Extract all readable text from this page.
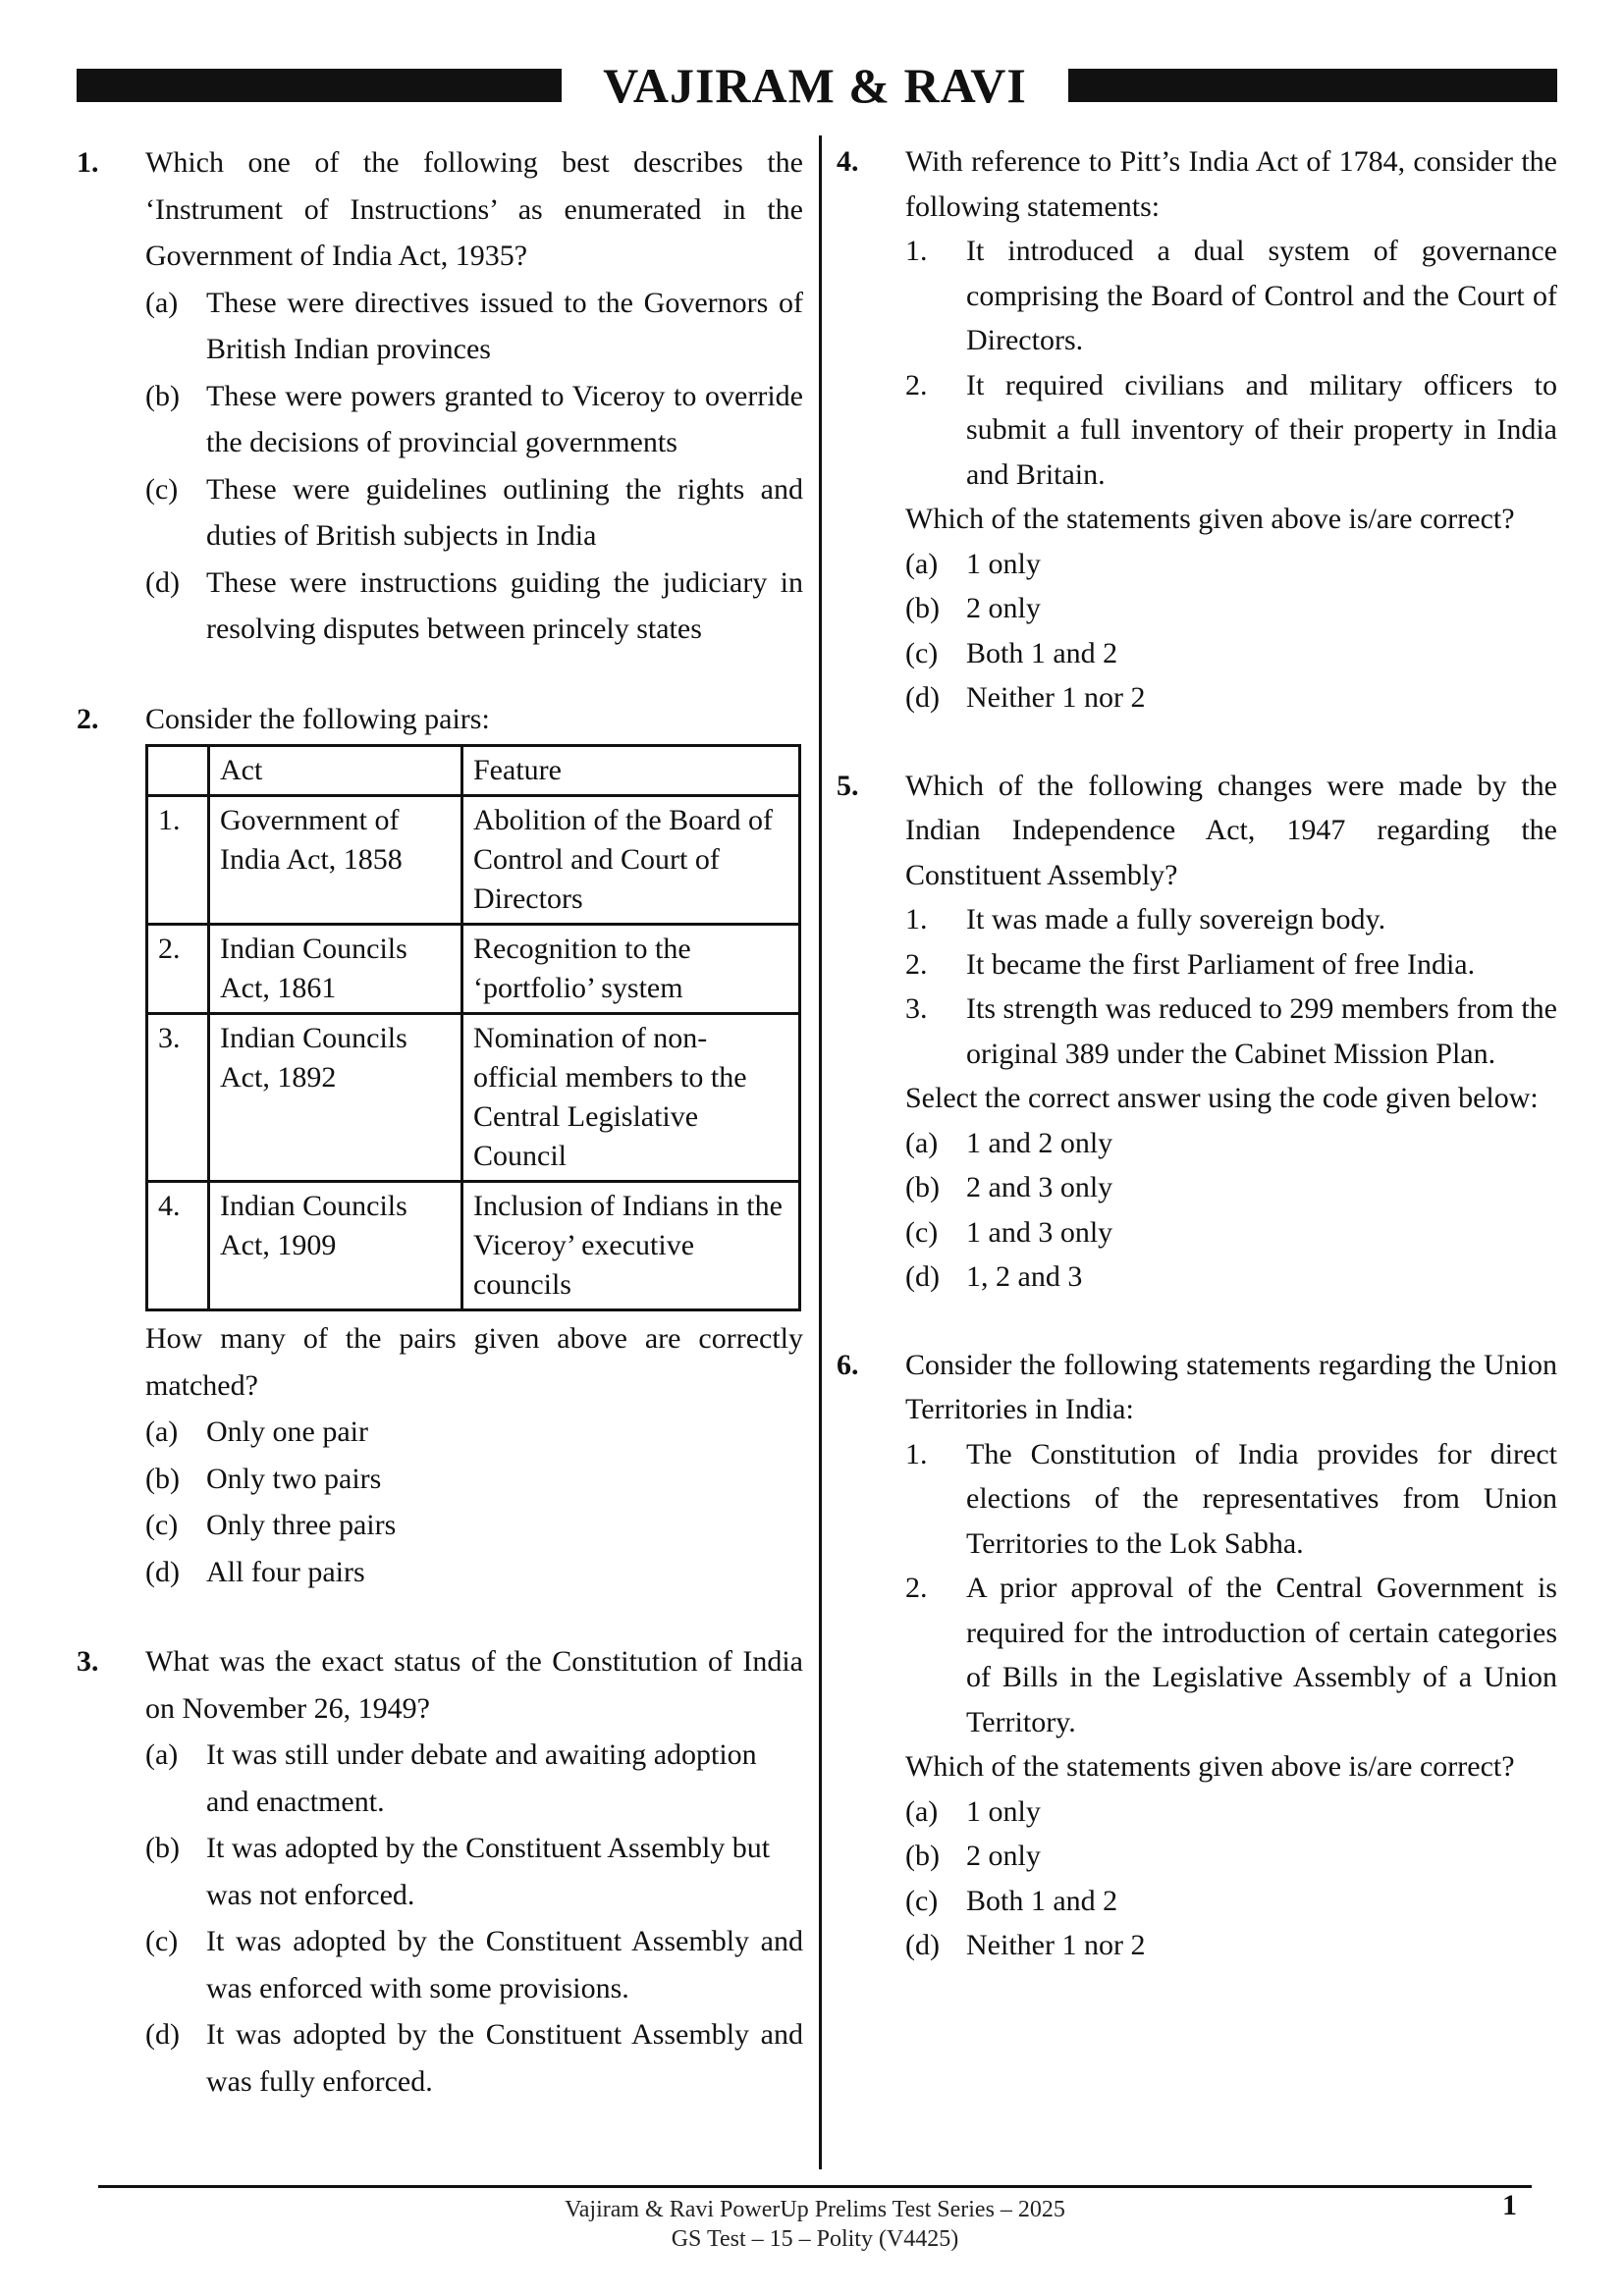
VAJIRAM & RAVI
1.	Which one of the following best describes the ‘Instrument of Instructions’ as enumerated in the Government of India Act, 1935?
(a) These were directives issued to the Governors of British Indian provinces
(b) These were powers granted to Viceroy to override the decisions of provincial governments
(c) These were guidelines outlining the rights and duties of British subjects in India
(d) These were instructions guiding the judiciary in resolving disputes between princely states
2.	Consider the following pairs:
	Act	Feature
1.	Government of India Act, 1858	Abolition of the Board of Control and Court of Directors
2.	Indian Councils Act, 1861	Recognition to the ‘portfolio’ system
3.	Indian Councils Act, 1892	Nomination of non-official members to the Central Legislative Council
4.	Indian Councils Act, 1909	Inclusion of Indians in the Viceroy’ executive councils
How many of the pairs given above are correctly matched?
(a) Only one pair
(b) Only two pairs
(c) Only three pairs
(d) All four pairs
3.	What was the exact status of the Constitution of India on November 26, 1949?
(a) It was still under debate and awaiting adoption and enactment.
(b) It was adopted by the Constituent Assembly but was not enforced.
(c) It was adopted by the Constituent Assembly and was enforced with some provisions.
(d) It was adopted by the Constituent Assembly and was fully enforced.
4.	With reference to Pitt’s India Act of 1784, consider the following statements:
1.	It introduced a dual system of governance comprising the Board of Control and the Court of Directors.
2.	It required civilians and military officers to submit a full inventory of their property in India and Britain.
Which of the statements given above is/are correct?
(a) 1 only
(b) 2 only
(c) Both 1 and 2
(d) Neither 1 nor 2
5.	Which of the following changes were made by the Indian Independence Act, 1947 regarding the Constituent Assembly?
1.	It was made a fully sovereign body.
2.	It became the first Parliament of free India.
3.	Its strength was reduced to 299 members from the original 389 under the Cabinet Mission Plan.
Select the correct answer using the code given below:
(a) 1 and 2 only
(b) 2 and 3 only
(c) 1 and 3 only
(d) 1, 2 and 3
6.	Consider the following statements regarding the Union Territories in India:
1.	The Constitution of India provides for direct elections of the representatives from Union Territories to the Lok Sabha.
2.	A prior approval of the Central Government is required for the introduction of certain categories of Bills in the Legislative Assembly of a Union Territory.
Which of the statements given above is/are correct?
(a) 1 only
(b) 2 only
(c) Both 1 and 2
(d) Neither 1 nor 2
Vajiram & Ravi PowerUp Prelims Test Series – 2025
GS Test – 15 – Polity (V4425)
1
